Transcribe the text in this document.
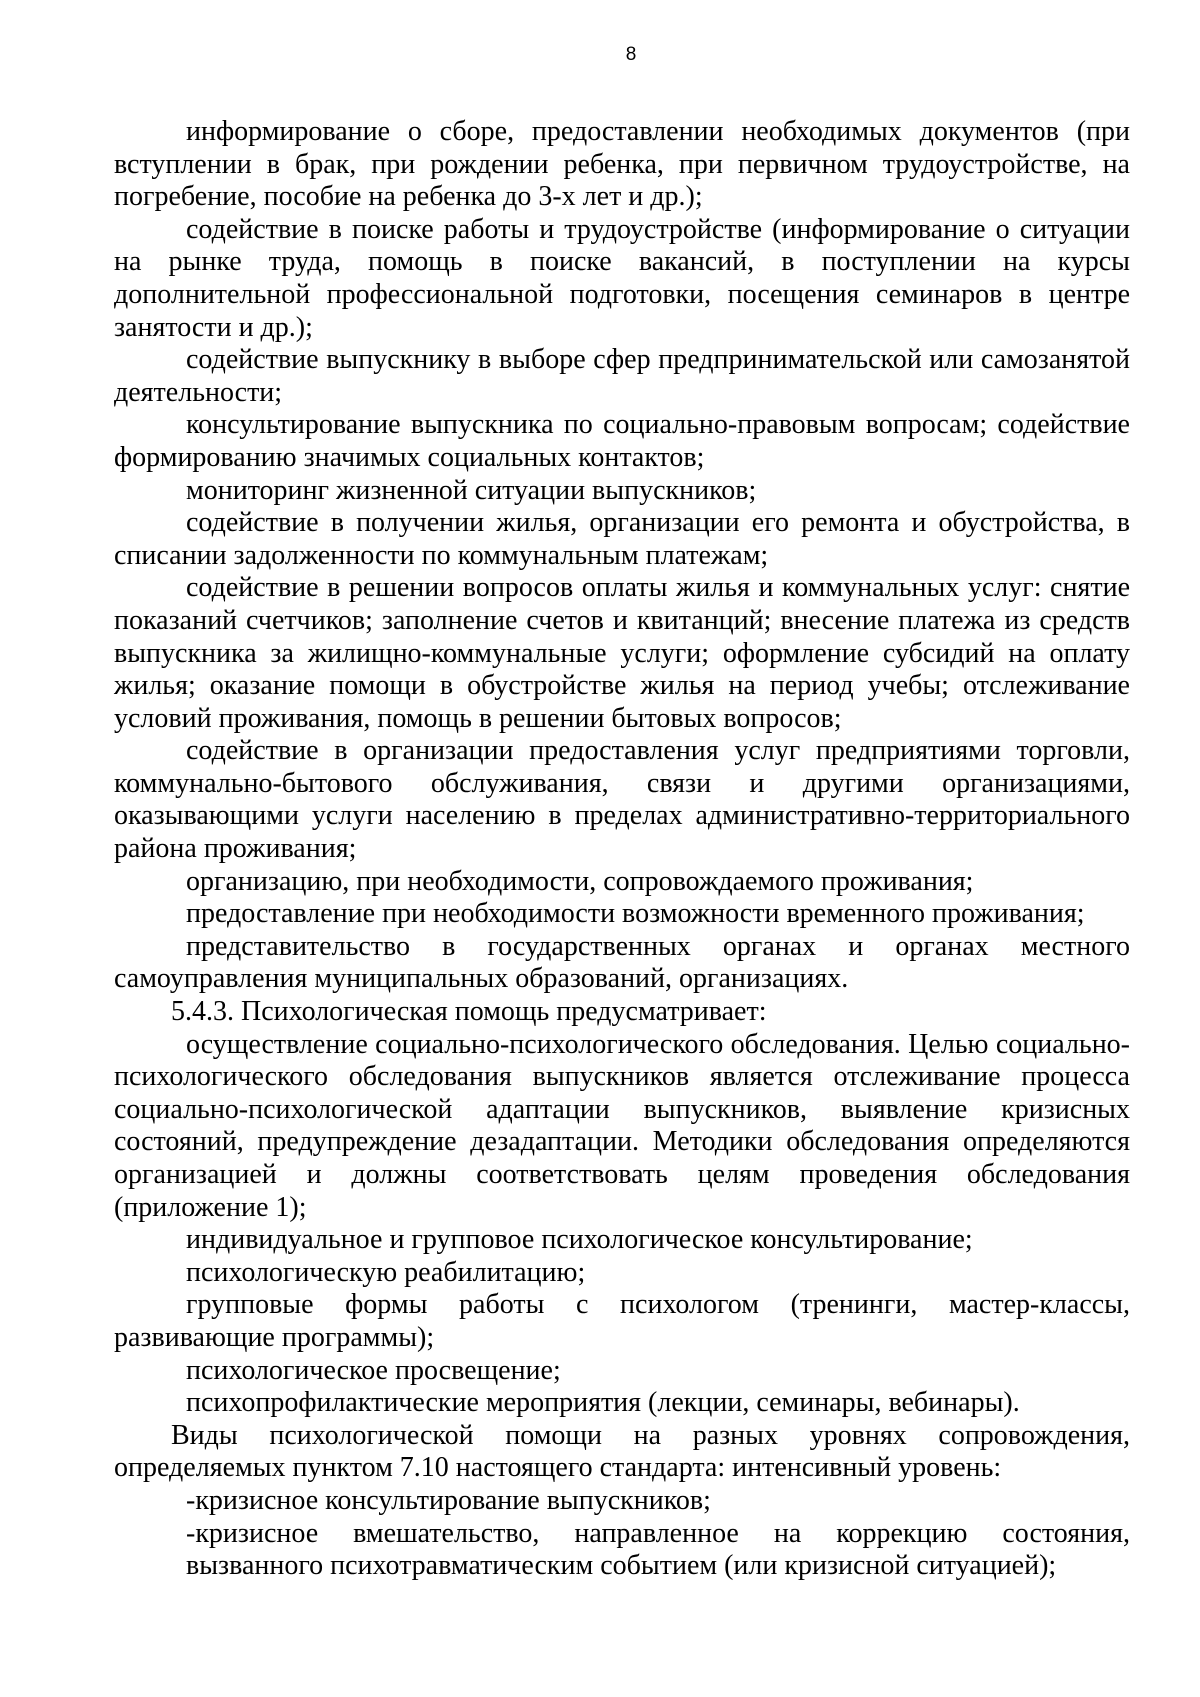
8

информирование о сборе, предоставлении необходимых документов (при вступлении в брак, при рождении ребенка, при первичном трудоустройстве, на погребение, пособие на ребенка до 3-х лет и др.);

содействие в поиске работы и трудоустройстве (информирование о ситуации на рынке труда, помощь в поиске вакансий, в поступлении на курсы дополнительной профессиональной подготовки, посещения семинаров в центре занятости и др.);

содействие выпускнику в выборе сфер предпринимательской или самозанятой деятельности;

консультирование выпускника по социально-правовым вопросам; содействие формированию значимых социальных контактов;

мониторинг жизненной ситуации выпускников;

содействие в получении жилья, организации его ремонта и обустройства, в списании задолженности по коммунальным платежам;

содействие в решении вопросов оплаты жилья и коммунальных услуг: снятие показаний счетчиков; заполнение счетов и квитанций; внесение платежа из средств выпускника за жилищно-коммунальные услуги; оформление субсидий на оплату жилья; оказание помощи в обустройстве жилья на период учебы; отслеживание условий проживания, помощь в решении бытовых вопросов;

содействие в организации предоставления услуг предприятиями торговли, коммунально-бытового обслуживания, связи и другими организациями, оказывающими услуги населению в пределах административно-территориального района проживания;

организацию, при необходимости, сопровождаемого проживания;

предоставление при необходимости возможности временного проживания;

представительство в государственных органах и органах местного самоуправления муниципальных образований, организациях.

5.4.3. Психологическая помощь предусматривает:

осуществление социально-психологического обследования. Целью социально-психологического обследования выпускников является отслеживание процесса социально-психологической адаптации выпускников, выявление кризисных состояний, предупреждение дезадаптации. Методики обследования определяются организацией и должны соответствовать целям проведения обследования (приложение 1);

индивидуальное и групповое психологическое консультирование;

психологическую реабилитацию;

групповые формы работы с психологом (тренинги, мастер-классы, развивающие программы);

психологическое просвещение;

психопрофилактические мероприятия (лекции, семинары, вебинары).

Виды психологической помощи на разных уровнях сопровождения, определяемых пунктом 7.10 настоящего стандарта: интенсивный уровень:

-кризисное консультирование выпускников;

-кризисное вмешательство, направленное на коррекцию состояния, вызванного психотравматическим событием (или кризисной ситуацией);
